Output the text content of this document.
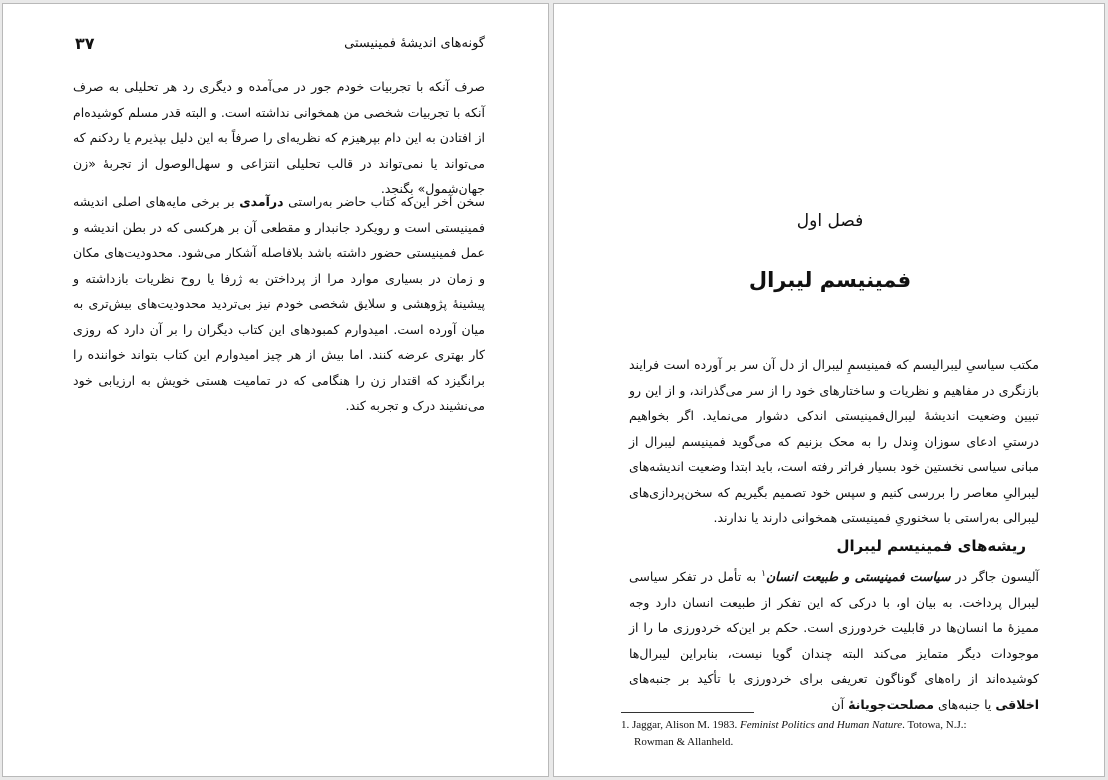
۳۷	گونه‌های اندیشهٔ فمینیستی

صرف آنکه با تجربیات خودم جور در می‌آمده و دیگری رد هر تحلیلی به صرف آنکه با تجربیات شخصی من همخوانی نداشته است. و البته قدر مسلم کوشیده‌ام از افتادن به این دام بپرهیزم که نظریه‌ای را صرفاً به این دلیل بپذیرم یا ردکنم که می‌تواند یا نمی‌تواند در قالب تحلیلی انتزاعی و سهل‌الوصول از تجربهٔ «زن جهان‌شمول» بگنجد.

سخن آخر این‌که کتاب حاضر به‌راستی درآمدی بر برخی مایه‌های اصلی اندیشه فمینیستی است و رویکرد جانبدار و مقطعی آن بر هرکسی که در بطن اندیشه و عمل فمینیستی حضور داشته باشد بلافاصله آشکار می‌شود. محدودیت‌های مکان و زمان در بسیاری موارد مرا از پرداختن به ژرفا یا روح نظریات بازداشته و پیشینهٔ پژوهشی و سلایق شخصی خودم نیز بی‌تردید محدودیت‌های بیش‌تری به میان آورده است. امیدوارم کمبودهای این کتاب دیگران را بر آن دارد که روزی کار بهتری عرضه کنند. اما بیش از هر چیز امیدوارم این کتاب بتواند خواننده را برانگیزد که اقتدار زن را هنگامی که در تمامیت هستی خویش به ارزیابی خود می‌نشیند درک و تجربه کند.

فصل اول
فمینیسم لیبرال

مکتب سیاسیِ لیبرالیسم که فمینیسمِ لیبرال از دل آن سر بر آورده است فرایند بازنگری در مفاهیم و نظریات و ساختارهای خود را از سر می‌گذراند، و از این رو تبیین وضعیت اندیشهٔ لیبرال‌فمینیستی اندکی دشوار می‌نماید. اگر بخواهیم درستیِ ادعای سوزان وِندل را به محک بزنیم که می‌گوید فمینیسم لیبرال از مبانی سیاسی نخستین خود بسیار فراتر رفته است، باید ابتدا وضعیت اندیشه‌های لیبرالیِ معاصر را بررسی کنیم و سپس خود تصمیم بگیریم که سخن‌پردازی‌های لیبرالی به‌راستی با سخنوریِ فمینیستی همخوانی دارند یا ندارند.

ریشه‌های فمینیسم لیبرال

آلیسون جاگر در سیاست فمینیستی و طبیعت انسان$^۱$ به تأمل در تفکر سیاسی لیبرال پرداخت. به بیان او، با درکی که این تفکر از طبیعت انسان دارد وجه ممیزهٔ ما انسان‌ها در قابلیت خردورزی است. حکم بر این‌که خردورزی ما را از موجودات دیگر متمایز می‌کند البته چندان گویا نیست، بنابراین لیبرال‌ها کوشیده‌اند از راه‌های گوناگون تعریفی برای خردورزی با تأکید بر جنبه‌های اخلاقی یا جنبه‌های مصلحت‌جویانهٔ آن

1. Jaggar, Alison M. 1983. Feminist Politics and Human Nature. Totowa, N.J.:
Rowman & Allanheld.
